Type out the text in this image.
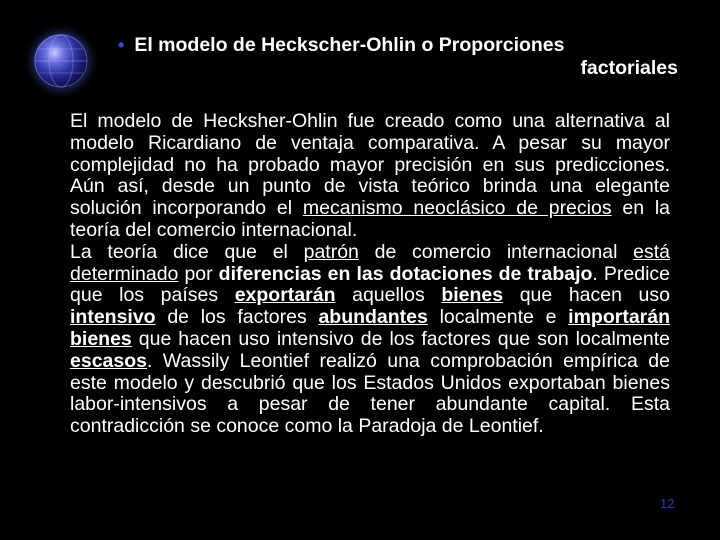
• El modelo de Heckscher-Ohlin o Proporciones
factoriales

El modelo de Hecksher-Ohlin fue creado como una alternativa al modelo Ricardiano de ventaja comparativa. A pesar su mayor complejidad no ha probado mayor precisión en sus predicciones. Aún así, desde un punto de vista teórico brinda una elegante solución incorporando el mecanismo neoclásico de precios en la teoría del comercio internacional.

La teoría dice que el patrón de comercio internacional está determinado por diferencias en las dotaciones de trabajo. Predice que los países exportarán aquellos bienes que hacen uso intensivo de los factores abundantes localmente e importarán bienes que hacen uso intensivo de los factores que son localmente escasos. Wassily Leontief realizó una comprobación empírica de este modelo y descubrió que los Estados Unidos exportaban bienes labor-intensivos a pesar de tener abundante capital. Esta contradicción se conoce como la Paradoja de Leontief.

12
